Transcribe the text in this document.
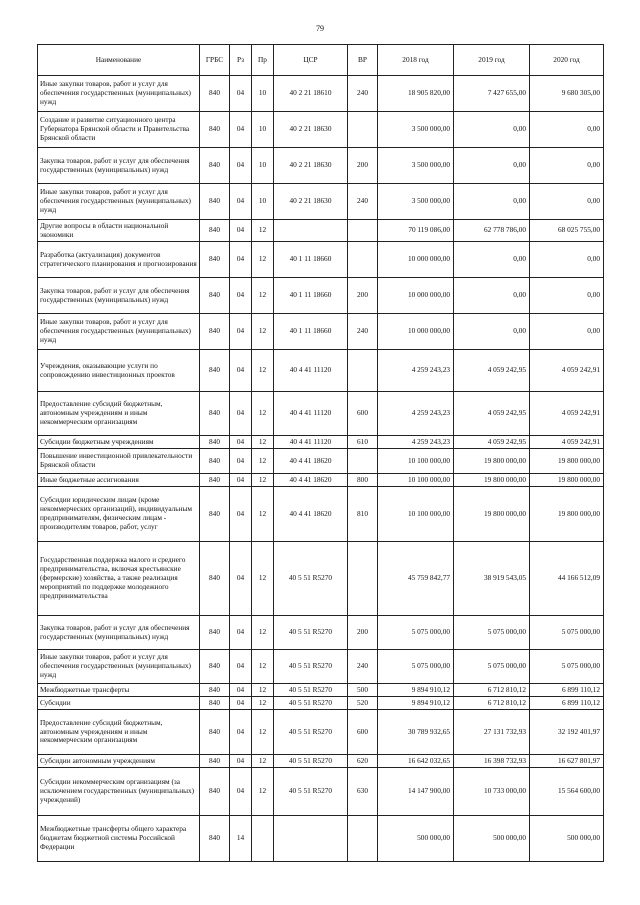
79
Наименование	ГРБС	Рз	Пр	ЦСР	ВР	2018 год	2019 год	2020 год
Иные закупки товаров, работ и услуг для обеспечения государственных (муниципальных) нужд	840	04	10	40 2 21 18610	240	18 905 820,00	7 427 655,00	9 680 305,00
Создание и развитие ситуационного центра Губернатора Брянской области и Правительства Брянской области	840	04	10	40 2 21 18630		3 500 000,00	0,00	0,00
Закупка товаров, работ и услуг для обеспечения государственных (муниципальных) нужд	840	04	10	40 2 21 18630	200	3 500 000,00	0,00	0,00
Иные закупки товаров, работ и услуг для обеспечения государственных (муниципальных) нужд	840	04	10	40 2 21 18630	240	3 500 000,00	0,00	0,00
Другие вопросы в области национальной экономики	840	04	12			70 119 086,00	62 778 786,00	68 025 755,00
Разработка (актуализация) документов стратегического планирования и прогнозирования	840	04	12	40 1 11 18660		10 000 000,00	0,00	0,00
Закупка товаров, работ и услуг для обеспечения государственных (муниципальных) нужд	840	04	12	40 1 11 18660	200	10 000 000,00	0,00	0,00
Иные закупки товаров, работ и услуг для обеспечения государственных (муниципальных) нужд	840	04	12	40 1 11 18660	240	10 000 000,00	0,00	0,00
Учреждения, оказывающие услуги по сопровождению инвестиционных проектов	840	04	12	40 4 41 11120		4 259 243,23	4 059 242,95	4 059 242,91
Предоставление субсидий бюджетным, автономным учреждениям и иным некоммерческим организациям	840	04	12	40 4 41 11120	600	4 259 243,23	4 059 242,95	4 059 242,91
Субсидии бюджетным учреждениям	840	04	12	40 4 41 11120	610	4 259 243,23	4 059 242,95	4 059 242,91
Повышение инвестиционной привлекательности Брянской области	840	04	12	40 4 41 18620		10 100 000,00	19 800 000,00	19 800 000,00
Иные бюджетные ассигнования	840	04	12	40 4 41 18620	800	10 100 000,00	19 800 000,00	19 800 000,00
Субсидии юридическим лицам (кроме некоммерческих организаций), индивидуальным предпринимателям, физическим лицам - производителям товаров, работ, услуг	840	04	12	40 4 41 18620	810	10 100 000,00	19 800 000,00	19 800 000,00
Государственная поддержка малого и среднего предпринимательства, включая крестьянские (фермерские) хозяйства, а также реализация мероприятий по поддержке молодежного предпринимательства	840	04	12	40 5 51 R5270		45 759 842,77	38 919 543,05	44 166 512,09
Закупка товаров, работ и услуг для обеспечения государственных (муниципальных) нужд	840	04	12	40 5 51 R5270	200	5 075 000,00	5 075 000,00	5 075 000,00
Иные закупки товаров, работ и услуг для обеспечения государственных (муниципальных) нужд	840	04	12	40 5 51 R5270	240	5 075 000,00	5 075 000,00	5 075 000,00
Межбюджетные трансферты	840	04	12	40 5 51 R5270	500	9 894 910,12	6 712 810,12	6 899 110,12
Субсидии	840	04	12	40 5 51 R5270	520	9 894 910,12	6 712 810,12	6 899 110,12
Предоставление субсидий бюджетным, автономным учреждениям и иным некоммерческим организациям	840	04	12	40 5 51 R5270	600	30 789 932,65	27 131 732,93	32 192 401,97
Субсидии автономным учреждениям	840	04	12	40 5 51 R5270	620	16 642 032,65	16 398 732,93	16 627 801,97
Субсидии некоммерческим организациям (за исключением государственных (муниципальных) учреждений)	840	04	12	40 5 51 R5270	630	14 147 900,00	10 733 000,00	15 564 600,00
Межбюджетные трансферты общего характера бюджетам бюджетной системы Российской Федерации	840	14				500 000,00	500 000,00	500 000,00
